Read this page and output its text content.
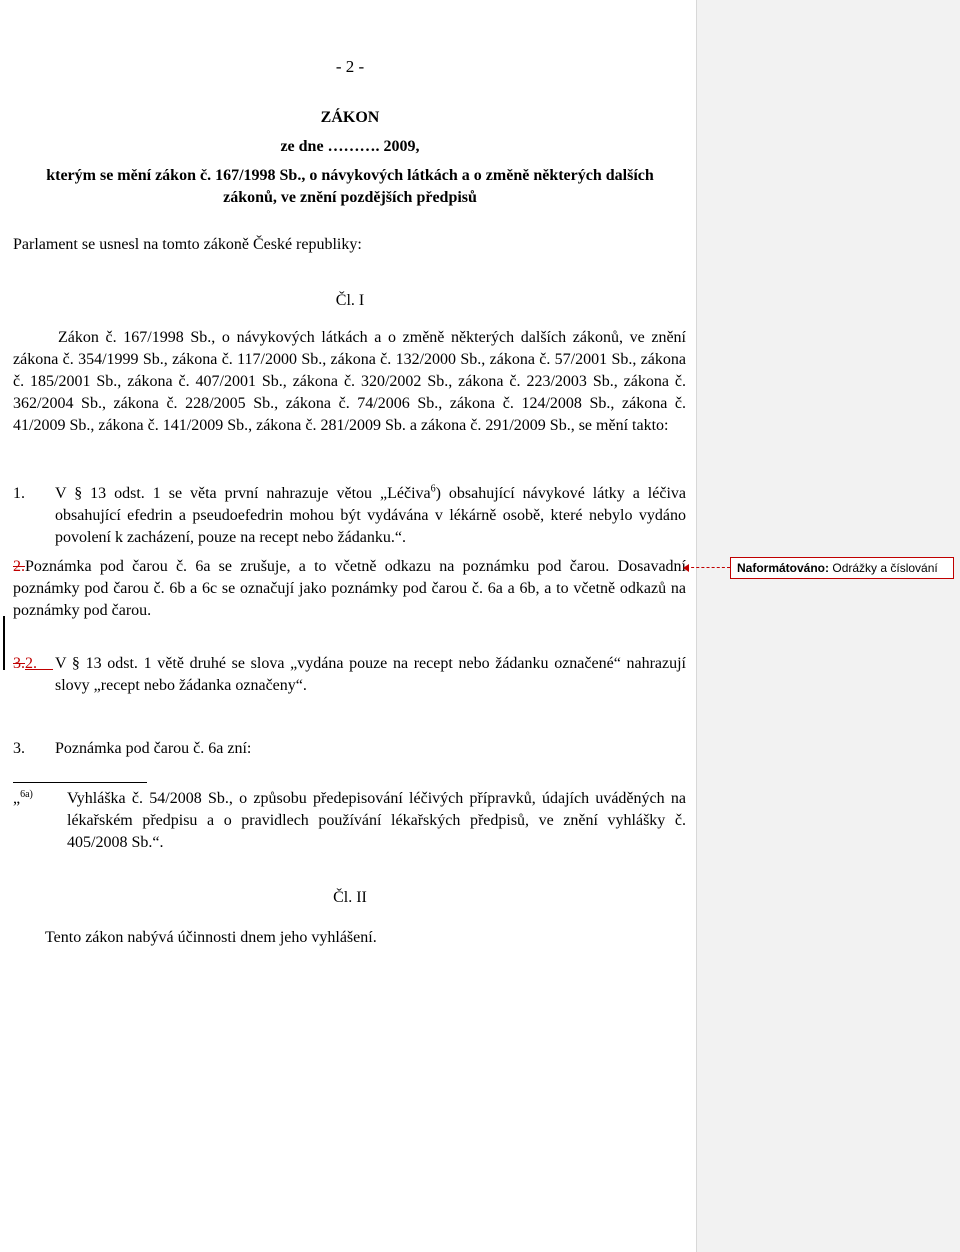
- 2 -
ZÁKON
ze dne ………. 2009,
kterým se mění zákon č. 167/1998 Sb., o návykových látkách a o změně některých dalších zákonů, ve znění pozdějších předpisů
Parlament se usnesl na tomto zákoně České republiky:
Čl. I
Zákon č. 167/1998 Sb., o návykových látkách a o změně některých dalších zákonů, ve znění zákona č. 354/1999 Sb., zákona č. 117/2000 Sb., zákona č. 132/2000 Sb., zákona č. 57/2001 Sb., zákona č. 185/2001 Sb., zákona č. 407/2001 Sb., zákona č. 320/2002 Sb., zákona č. 223/2003 Sb., zákona č. 362/2004 Sb., zákona č. 228/2005 Sb., zákona č. 74/2006 Sb., zákona č. 124/2008 Sb., zákona č. 41/2009 Sb., zákona č. 141/2009 Sb., zákona č. 281/2009 Sb. a zákona č. 291/2009 Sb., se mění takto:
1. V § 13 odst. 1 se věta první nahrazuje větou „Léčiva$^6$) obsahující návykové látky a léčiva obsahující efedrin a pseudoefedrin mohou být vydávána v lékárně osobě, které nebylo vydáno povolení k zacházení, pouze na recept nebo žádanku.“.
2.Poznámka pod čarou č. 6a se zrušuje, a to včetně odkazu na poznámku pod čarou. Dosavadní poznámky pod čarou č. 6b a 6c se označují jako poznámky pod čarou č. 6a a 6b, a to včetně odkazů na poznámky pod čarou.
3.2.	V § 13 odst. 1 větě druhé se slova „vydána pouze na recept nebo žádanku označené“ nahrazují slovy „recept nebo žádanka označeny“.
3. Poznámka pod čarou č. 6a zní:
„$^{6a)}$ Vyhláška č. 54/2008 Sb., o způsobu předepisování léčivých přípravků, údajích uváděných na lékařském předpisu a o pravidlech používání lékařských předpisů, ve znění vyhlášky č. 405/2008 Sb.“.
Čl. II
Tento zákon nabývá účinnosti dnem jeho vyhlášení.
Naformátováno: Odrážky a číslování
